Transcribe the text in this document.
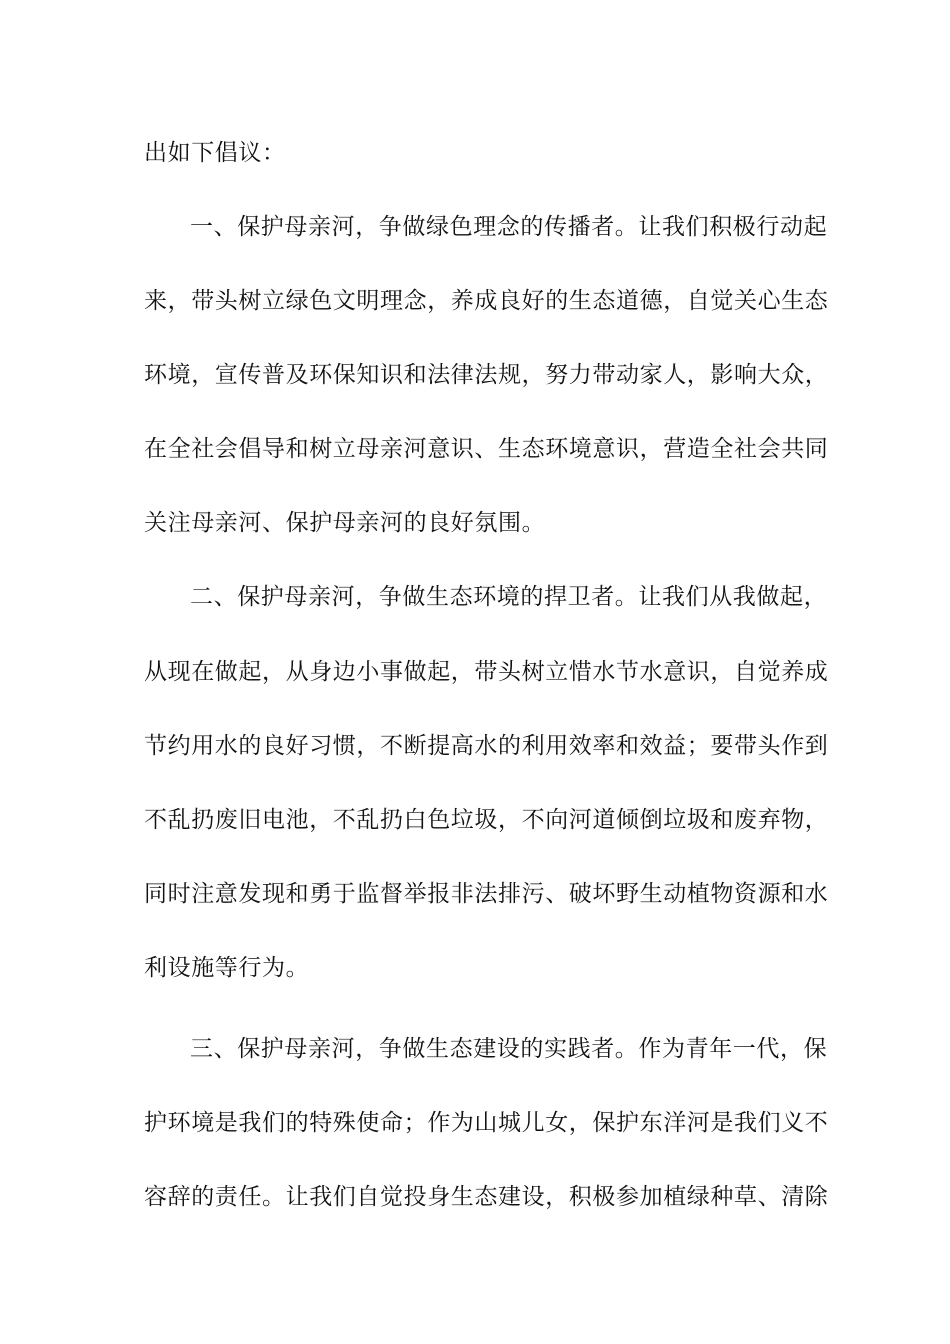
出如下倡议：
一、保护母亲河，争做绿色理念的传播者。让我们积极行动起
来，带头树立绿色文明理念，养成良好的生态道德，自觉关心生态
环境，宣传普及环保知识和法律法规，努力带动家人，影响大众，
在全社会倡导和树立母亲河意识、生态环境意识，营造全社会共同
关注母亲河、保护母亲河的良好氛围。
二、保护母亲河，争做生态环境的捍卫者。让我们从我做起，
从现在做起，从身边小事做起，带头树立惜水节水意识，自觉养成
节约用水的良好习惯，不断提高水的利用效率和效益；要带头作到
不乱扔废旧电池，不乱扔白色垃圾，不向河道倾倒垃圾和废弃物，
同时注意发现和勇于监督举报非法排污、破坏野生动植物资源和水
利设施等行为。
三、保护母亲河，争做生态建设的实践者。作为青年一代，保
护环境是我们的特殊使命；作为山城儿女，保护东洋河是我们义不
容辞的责任。让我们自觉投身生态建设，积极参加植绿种草、清除
